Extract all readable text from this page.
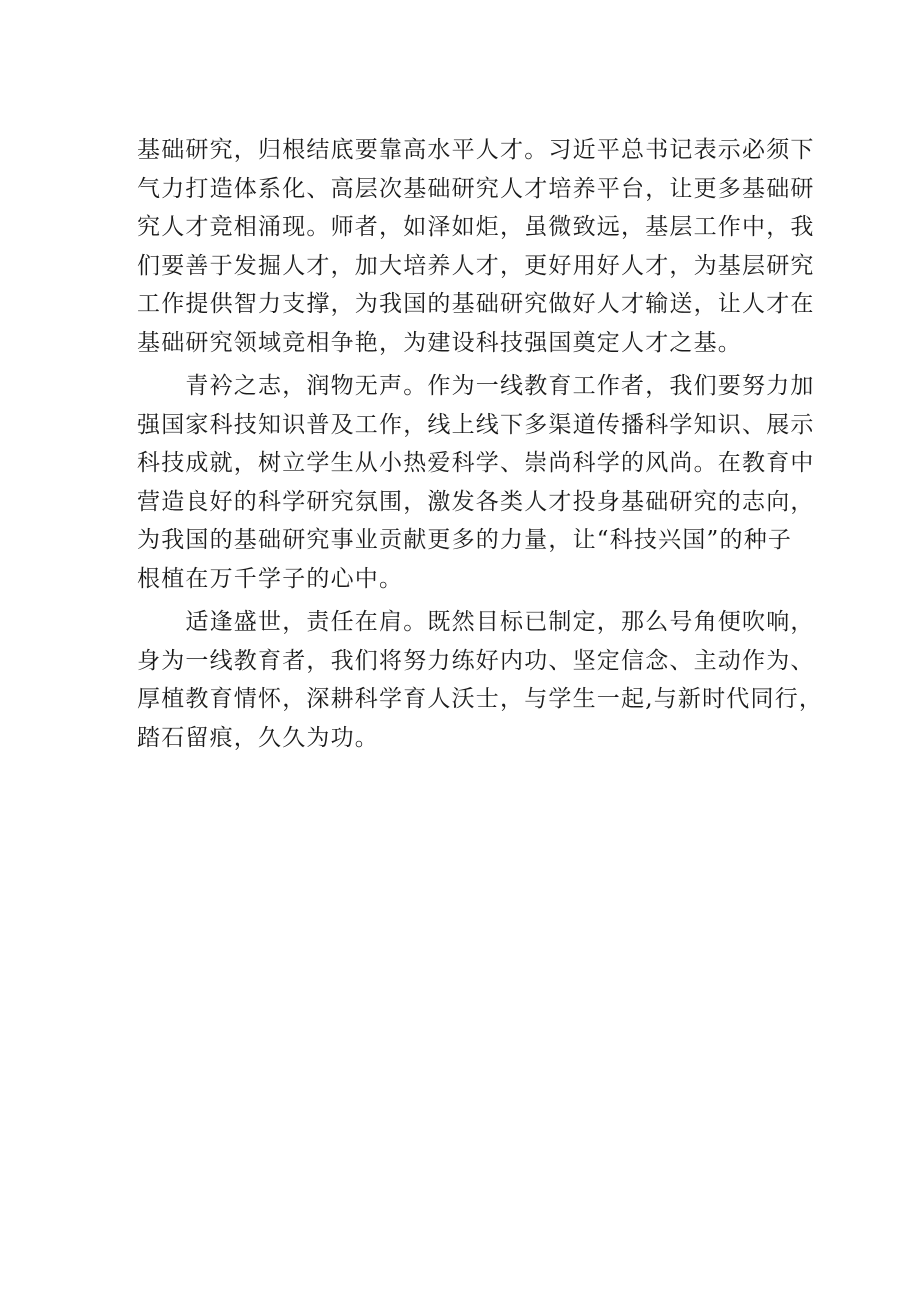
基础研究，归根结底要靠高水平人才。习近平总书记表示必须下
气力打造体系化、高层次基础研究人才培养平台，让更多基础研
究人才竞相涌现。师者，如泽如炬，虽微致远，基层工作中，我
们要善于发掘人才，加大培养人才，更好用好人才，为基层研究
工作提供智力支撑，为我国的基础研究做好人才输送，让人才在
基础研究领域竞相争艳，为建设科技强国奠定人才之基。
　　青衿之志，润物无声。作为一线教育工作者，我们要努力加
强国家科技知识普及工作，线上线下多渠道传播科学知识、展示
科技成就，树立学生从小热爱科学、崇尚科学的风尚。在教育中
营造良好的科学研究氛围，激发各类人才投身基础研究的志向，
为我国的基础研究事业贡献更多的力量，让“科技兴国”的种子
根植在万千学子的心中。
　　适逢盛世，责任在肩。既然目标已制定，那么号角便吹响，
身为一线教育者，我们将努力练好内功、坚定信念、主动作为、
厚植教育情怀，深耕科学育人沃士，与学生一起,与新时代同行，
踏石留痕，久久为功。
